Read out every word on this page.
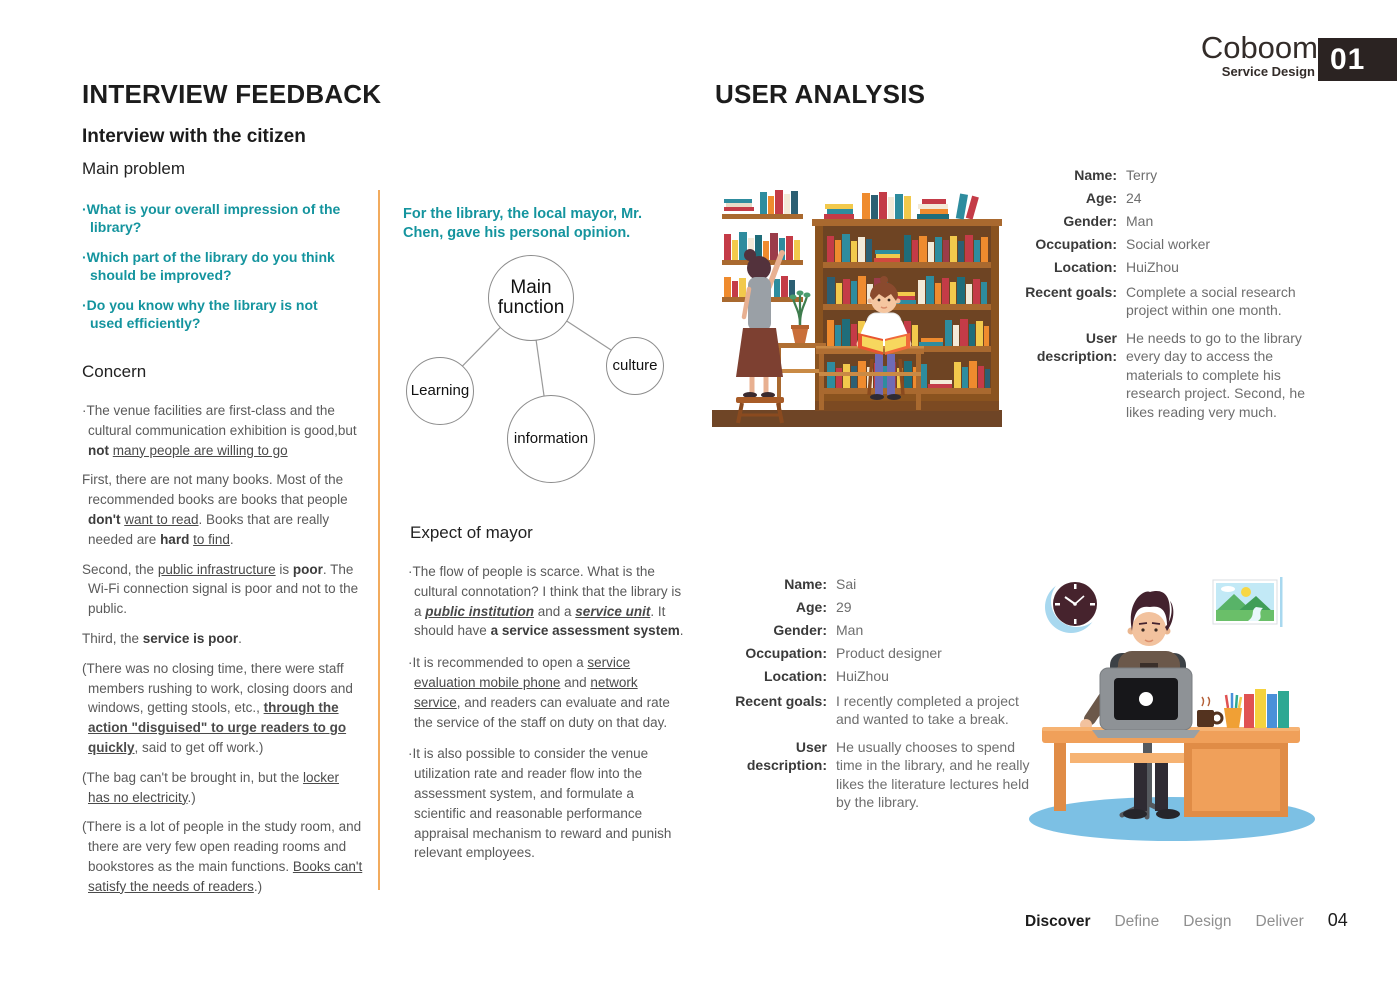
Coboom
Service Design 01
INTERVIEW FEEDBACK
Interview with the citizen
Main problem
· What is your overall impression of the library?
· Which part of the library do you think should be improved?
· Do you know why the library is not used efficiently?
Concern

·The venue facilities are first-class and the cultural communication exhibition is good,but not many people are willing to go

First, there are not many books. Most of the recommended books are books that people don't want to read. Books that are really needed are hard to find.

Second, the public infrastructure is poor. The Wi-Fi connection signal is poor and not to the public.

Third, the service is poor.

(There was no closing time, there were staff members rushing to work, closing doors and windows, getting stools, etc., through the action "disguised" to urge readers to go quickly, said to get off work.)

(The bag can't be brought in, but the locker has no electricity.)

(There is a lot of people in the study room, and there are very few open reading rooms and bookstores as the main functions. Books can't satisfy the needs of readers.)

For the library, the local mayor, Mr. Chen, gave his personal opinion.
Main function
Learning
information
culture
Expect of mayor

·The flow of people is scarce. What is the cultural connotation? I think that the library is a public institution and a service unit. It should have a service assessment system.

·It is recommended to open a service evaluation mobile phone and network service, and readers can evaluate and rate the service of the staff on duty on that day.

·It is also possible to consider the venue utilization rate and reader flow into the assessment system, and formulate a scientific and reasonable performance appraisal mechanism to reward and punish relevant employees.

USER ANALYSIS
Name: Terry
Age: 24
Gender: Man
Occupation: Social worker
Location: HuiZhou
Recent goals: Complete a social research project within one month.
User description:
He needs to go to the library every day to access the materials to complete his research project. Second, he likes reading very much.
Name: Sai
Age: 29
Gender: Man
Occupation: Product designer
Location: HuiZhou
Recent goals: I recently completed a project and wanted to take a break.
User description:
He usually chooses to spend time in the library, and he really likes the literature lectures held by the library.
Discover Define Design Deliver 04
